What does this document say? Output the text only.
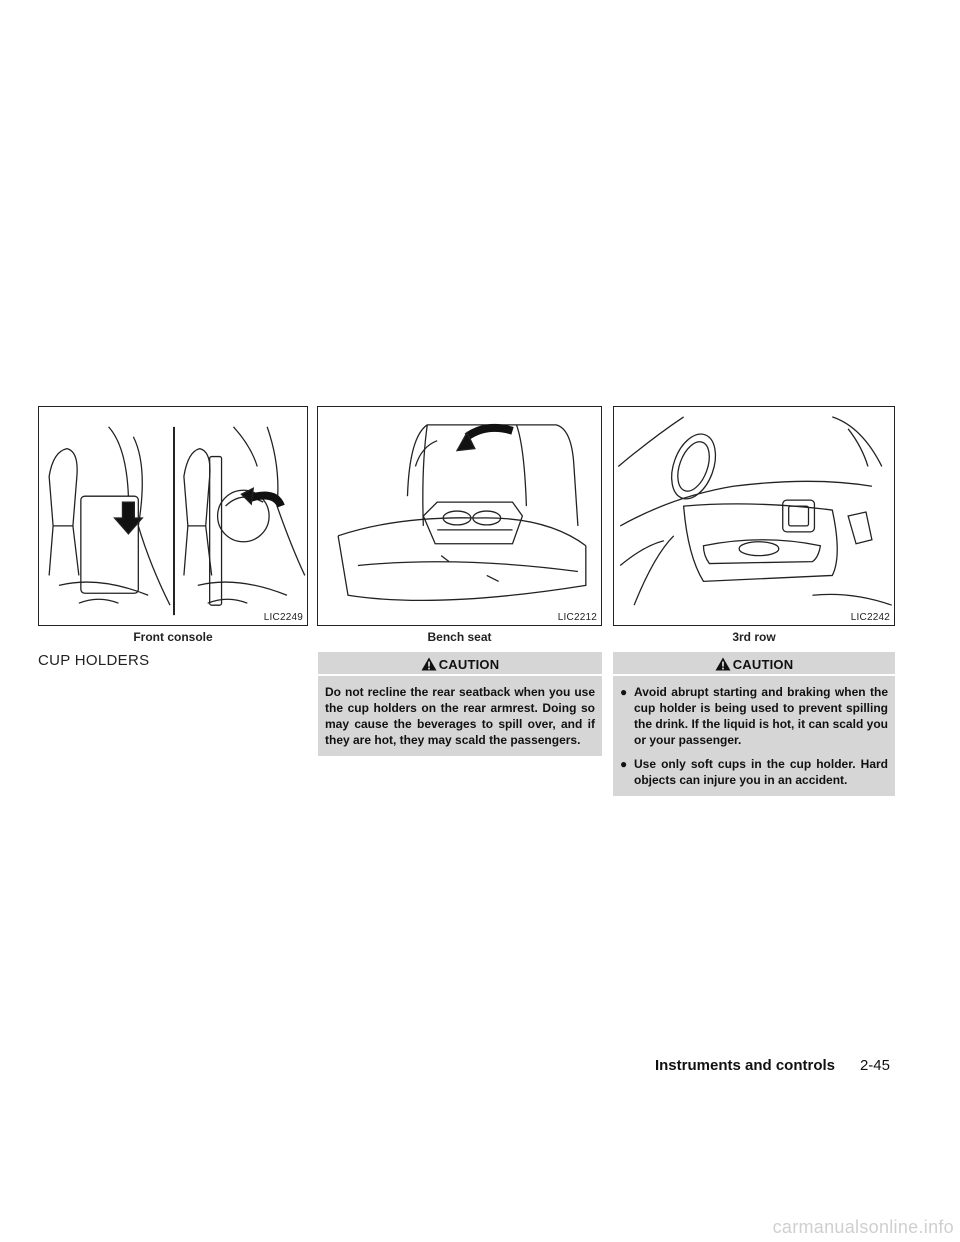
LIC2249
Front console
LIC2212
Bench seat
LIC2242
3rd row
CUP HOLDERS	CAUTION

Do not recline the rear seatback when you use the cup holders on the rear armrest. Doing so may cause the beverages to spill over, and if they are hot, they may scald the passengers.

CAUTION
● Avoid abrupt starting and braking when the cup holder is being used to prevent spilling the drink. If the liquid is hot, it can scald you or your passenger.
● Use only soft cups in the cup holder. Hard objects can injure you in an accident.
Instruments and controls 2-45
carmanualsonline.info
